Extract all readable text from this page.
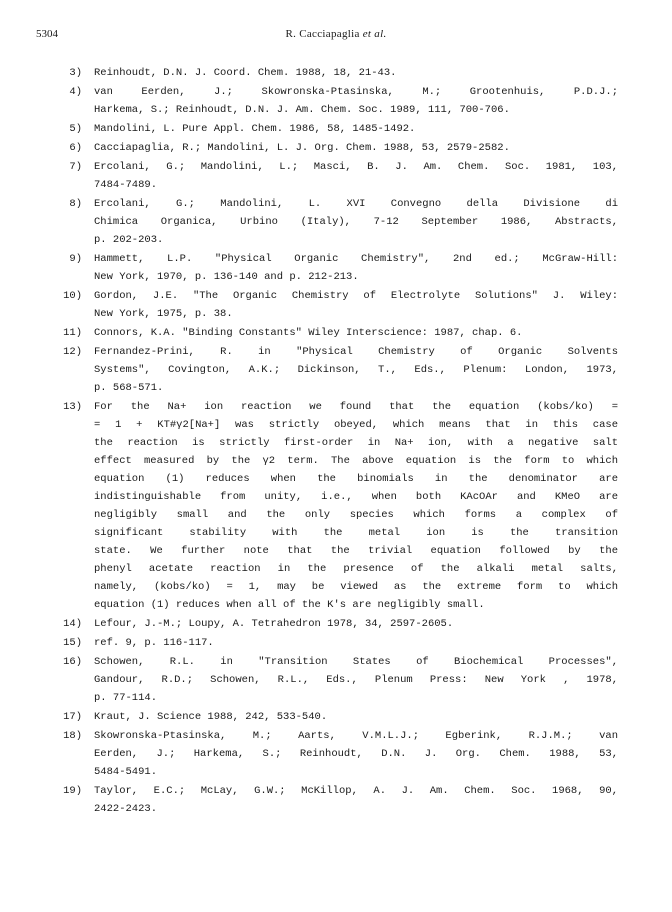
5304	R. Cacciapaglia et al.
3) Reinhoudt, D.N. J. Coord. Chem. 1988, 18, 21-43.
4) van Eerden, J.; Skowronska-Ptasinska, M.; Grootenhuis, P.D.J.;
Harkema, S.; Reinhoudt, D.N. J. Am. Chem. Soc. 1989, 111, 700-706.
5) Mandolini, L. Pure Appl. Chem. 1986, 58, 1485-1492.
6) Cacciapaglia, R.; Mandolini, L. J. Org. Chem. 1988, 53, 2579-2582.
7) Ercolani, G.; Mandolini, L.; Masci, B. J. Am. Chem. Soc. 1981, 103,
7484-7489.
8) Ercolani, G.; Mandolini, L. XVI Convegno della Divisione di
Chimica Organica, Urbino (Italy), 7-12 September 1986, Abstracts,
p. 202-203.
9) Hammett, L.P. "Physical Organic Chemistry", 2nd ed.; McGraw-Hill:
New York, 1970, p. 136-140 and p. 212-213.
10) Gordon, J.E. "The Organic Chemistry of Electrolyte Solutions" J. Wiley:
New York, 1975, p. 38.
11) Connors, K.A. "Binding Constants" Wiley Interscience: 1987, chap. 6.
12) Fernandez-Prini, R. in "Physical Chemistry of Organic Solvents
Systems", Covington, A.K.; Dickinson, T., Eds., Plenum: London, 1973,
p. 568-571.
13) For the Na+ ion reaction we found that the equation (kobs/ko) =
= 1 + KT#γ2[Na+] was strictly obeyed, which means that in this case
the reaction is strictly first-order in Na+ ion, with a negative salt
effect measured by the γ2 term. The above equation is the form to which
equation (1) reduces when the binomials in the denominator are
indistinguishable from unity, i.e., when both KAcOAr and KMeO are
negligibly small and the only species which forms a complex of
significant stability with the metal ion is the transition
state. We further note that the trivial equation followed by the
phenyl acetate reaction in the presence of the alkali metal salts,
namely, (kobs/ko) = 1, may be viewed as the extreme form to which
equation (1) reduces when all of the K's are negligibly small.
14) Lefour, J.-M.; Loupy, A. Tetrahedron 1978, 34, 2597-2605.
15) ref. 9, p. 116-117.
16) Schowen, R.L. in "Transition States of Biochemical Processes",
Gandour, R.D.; Schowen, R.L., Eds., Plenum Press: New York , 1978,
p. 77-114.
17) Kraut, J. Science 1988, 242, 533-540.
18) Skowronska-Ptasinska, M.; Aarts, V.M.L.J.; Egberink, R.J.M.; van
Eerden, J.; Harkema, S.; Reinhoudt, D.N. J. Org. Chem. 1988, 53,
5484-5491.
19) Taylor, E.C.; McLay, G.W.; McKillop, A. J. Am. Chem. Soc. 1968, 90,
2422-2423.
